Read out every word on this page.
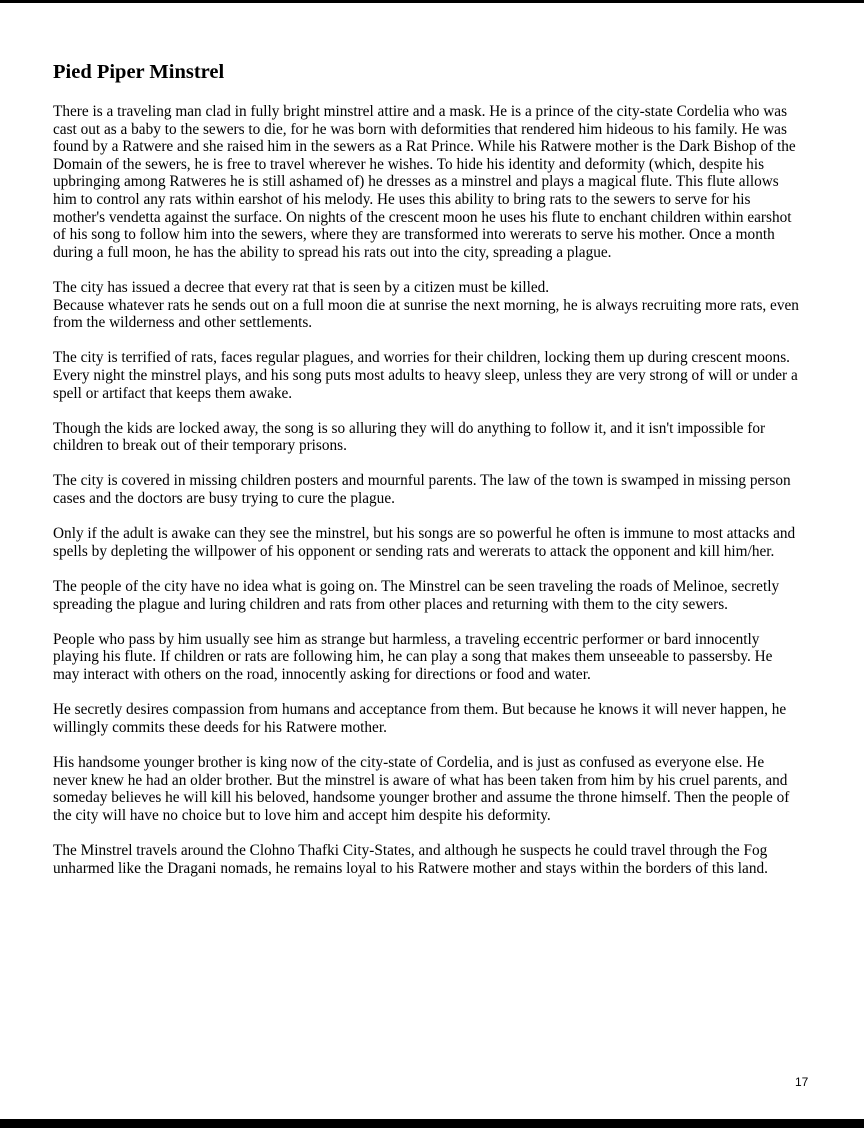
Pied Piper Minstrel

There is a traveling man clad in fully bright minstrel attire and a mask. He is a prince of the city-state Cordelia who was cast out as a baby to the sewers to die, for he was born with deformities that rendered him hideous to his family. He was found by a Ratwere and she raised him in the sewers as a Rat Prince. While his Ratwere mother is the Dark Bishop of the Domain of the sewers, he is free to travel wherever he wishes. To hide his identity and deformity (which, despite his upbringing among Ratweres he is still ashamed of) he dresses as a minstrel and plays a magical flute. This flute allows him to control any rats within earshot of his melody. He uses this ability to bring rats to the sewers to serve for his mother's vendetta against the surface. On nights of the crescent moon he uses his flute to enchant children within earshot of his song to follow him into the sewers, where they are transformed into wererats to serve his mother. Once a month during a full moon, he has the ability to spread his rats out into the city, spreading a plague.

The city has issued a decree that every rat that is seen by a citizen must be killed.

Because whatever rats he sends out on a full moon die at sunrise the next morning, he is always recruiting more rats, even from the wilderness and other settlements.

The city is terrified of rats, faces regular plagues, and worries for their children, locking them up during crescent moons. Every night the minstrel plays, and his song puts most adults to heavy sleep, unless they are very strong of will or under a spell or artifact that keeps them awake.

Though the kids are locked away, the song is so alluring they will do anything to follow it, and it isn't impossible for children to break out of their temporary prisons.

The city is covered in missing children posters and mournful parents. The law of the town is swamped in missing person cases and the doctors are busy trying to cure the plague.

Only if the adult is awake can they see the minstrel, but his songs are so powerful he often is immune to most attacks and spells by depleting the willpower of his opponent or sending rats and wererats to attack the opponent and kill him/her.

The people of the city have no idea what is going on. The Minstrel can be seen traveling the roads of Melinoe, secretly spreading the plague and luring children and rats from other places and returning with them to the city sewers.

People who pass by him usually see him as strange but harmless, a traveling eccentric performer or bard innocently playing his flute. If children or rats are following him, he can play a song that makes them unseeable to passersby. He may interact with others on the road, innocently asking for directions or food and water.

He secretly desires compassion from humans and acceptance from them. But because he knows it will never happen, he willingly commits these deeds for his Ratwere mother.

His handsome younger brother is king now of the city-state of Cordelia, and is just as confused as everyone else. He never knew he had an older brother. But the minstrel is aware of what has been taken from him by his cruel parents, and someday believes he will kill his beloved, handsome younger brother and assume the throne himself. Then the people of the city will have no choice but to love him and accept him despite his deformity.

The Minstrel travels around the Clohno Thafki City-States, and although he suspects he could travel through the Fog unharmed like the Dragani nomads, he remains loyal to his Ratwere mother and stays within the borders of this land.

17
